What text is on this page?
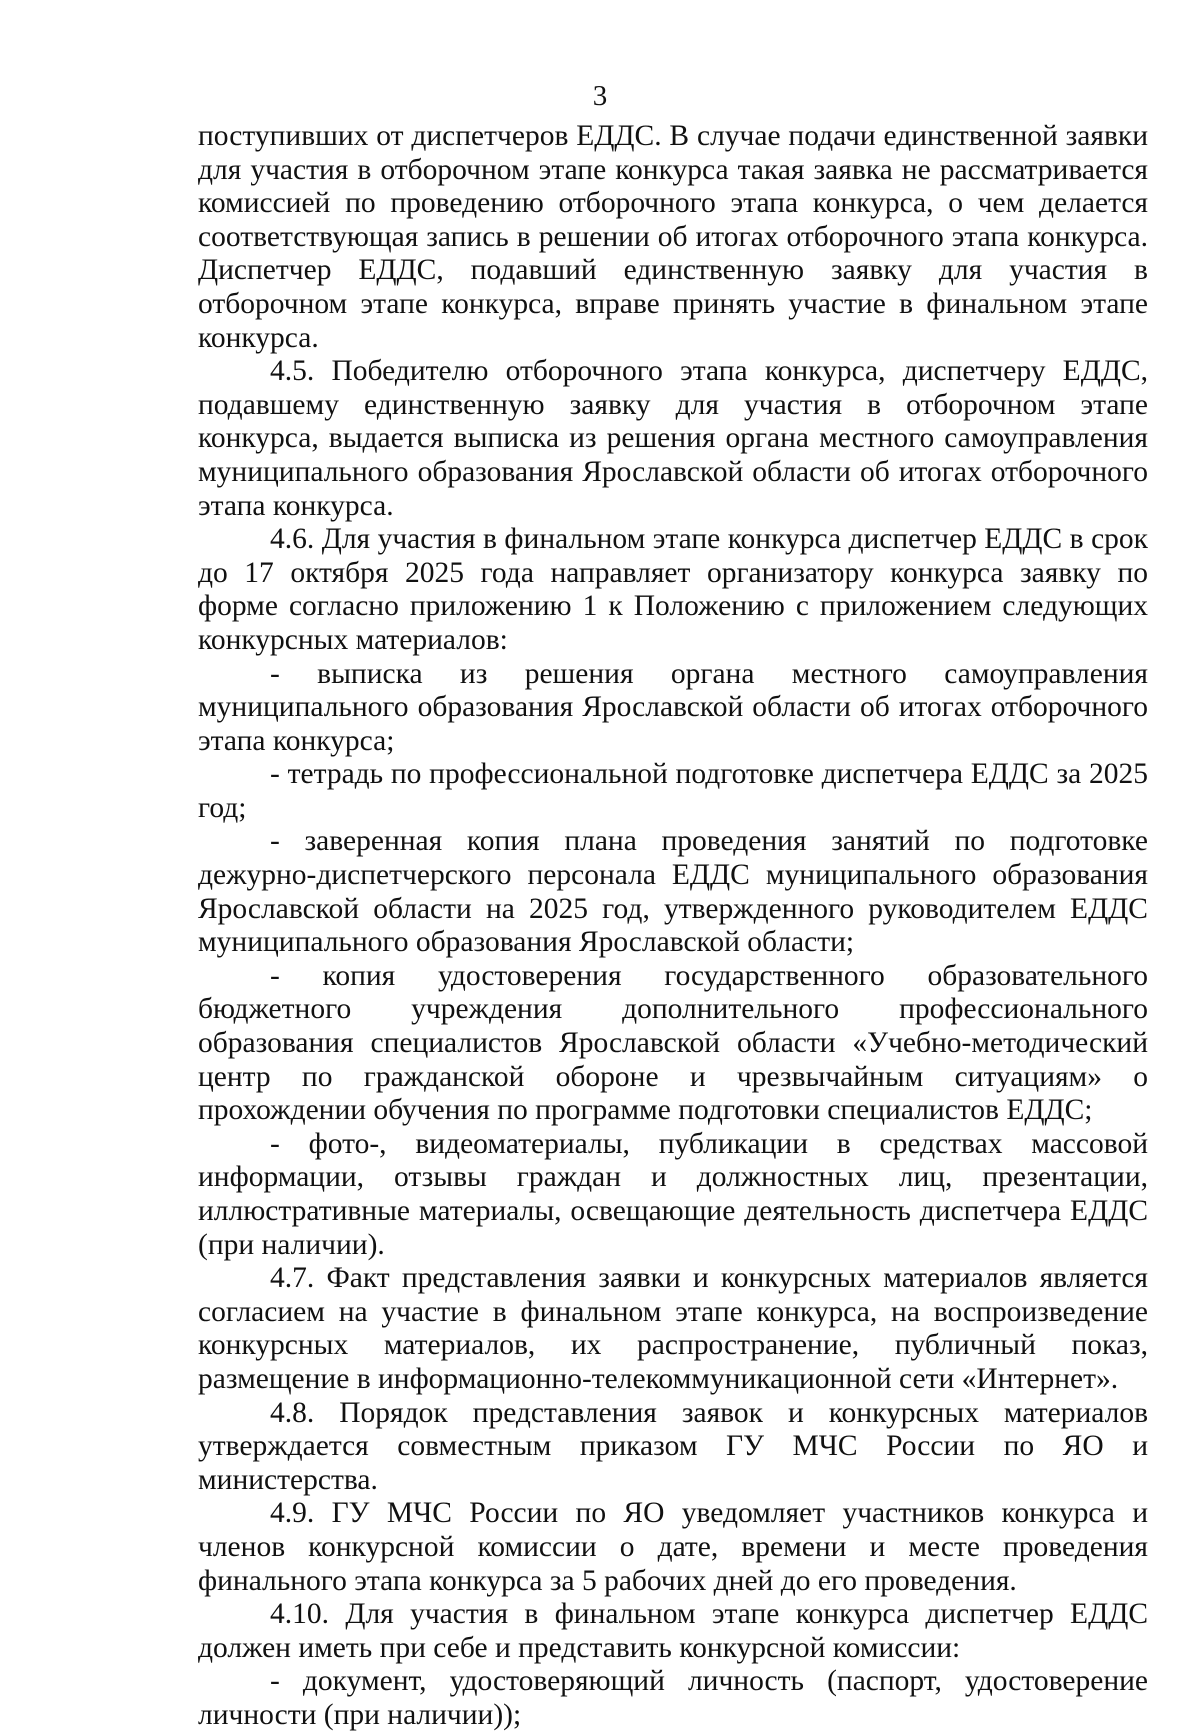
3

поступивших от диспетчеров ЕДДС. В случае подачи единственной заявки для участия в отборочном этапе конкурса такая заявка не рассматривается комиссией по проведению отборочного этапа конкурса, о чем делается соответствующая запись в решении об итогах отборочного этапа конкурса. Диспетчер ЕДДС, подавший единственную заявку для участия в отборочном этапе конкурса, вправе принять участие в финальном этапе конкурса.

4.5. Победителю отборочного этапа конкурса, диспетчеру ЕДДС, подавшему единственную заявку для участия в отборочном этапе конкурса, выдается выписка из решения органа местного самоуправления муниципального образования Ярославской области об итогах отборочного этапа конкурса.

4.6. Для участия в финальном этапе конкурса диспетчер ЕДДС в срок до 17 октября 2025 года направляет организатору конкурса заявку по форме согласно приложению 1 к Положению с приложением следующих конкурсных материалов:

- выписка из решения органа местного самоуправления муниципального образования Ярославской области об итогах отборочного этапа конкурса;

- тетрадь по профессиональной подготовке диспетчера ЕДДС за 2025 год;

- заверенная копия плана проведения занятий по подготовке дежурно-диспетчерского персонала ЕДДС муниципального образования Ярославской области на 2025 год, утвержденного руководителем ЕДДС муниципального образования Ярославской области;

- копия удостоверения государственного образовательного бюджетного учреждения дополнительного профессионального образования специалистов Ярославской области «Учебно-методический центр по гражданской обороне и чрезвычайным ситуациям» о прохождении обучения по программе подготовки специалистов ЕДДС;

- фото-, видеоматериалы, публикации в средствах массовой информации, отзывы граждан и должностных лиц, презентации, иллюстративные материалы, освещающие деятельность диспетчера ЕДДС (при наличии).

4.7. Факт представления заявки и конкурсных материалов является согласием на участие в финальном этапе конкурса, на воспроизведение конкурсных материалов, их распространение, публичный показ, размещение в информационно-телекоммуникационной сети «Интернет».

4.8. Порядок представления заявок и конкурсных материалов утверждается совместным приказом ГУ МЧС России по ЯО и министерства.

4.9. ГУ МЧС России по ЯО уведомляет участников конкурса и членов конкурсной комиссии о дате, времени и месте проведения финального этапа конкурса за 5 рабочих дней до его проведения.

4.10. Для участия в финальном этапе конкурса диспетчер ЕДДС должен иметь при себе и представить конкурсной комиссии:

- документ, удостоверяющий личность (паспорт, удостоверение личности (при наличии));
